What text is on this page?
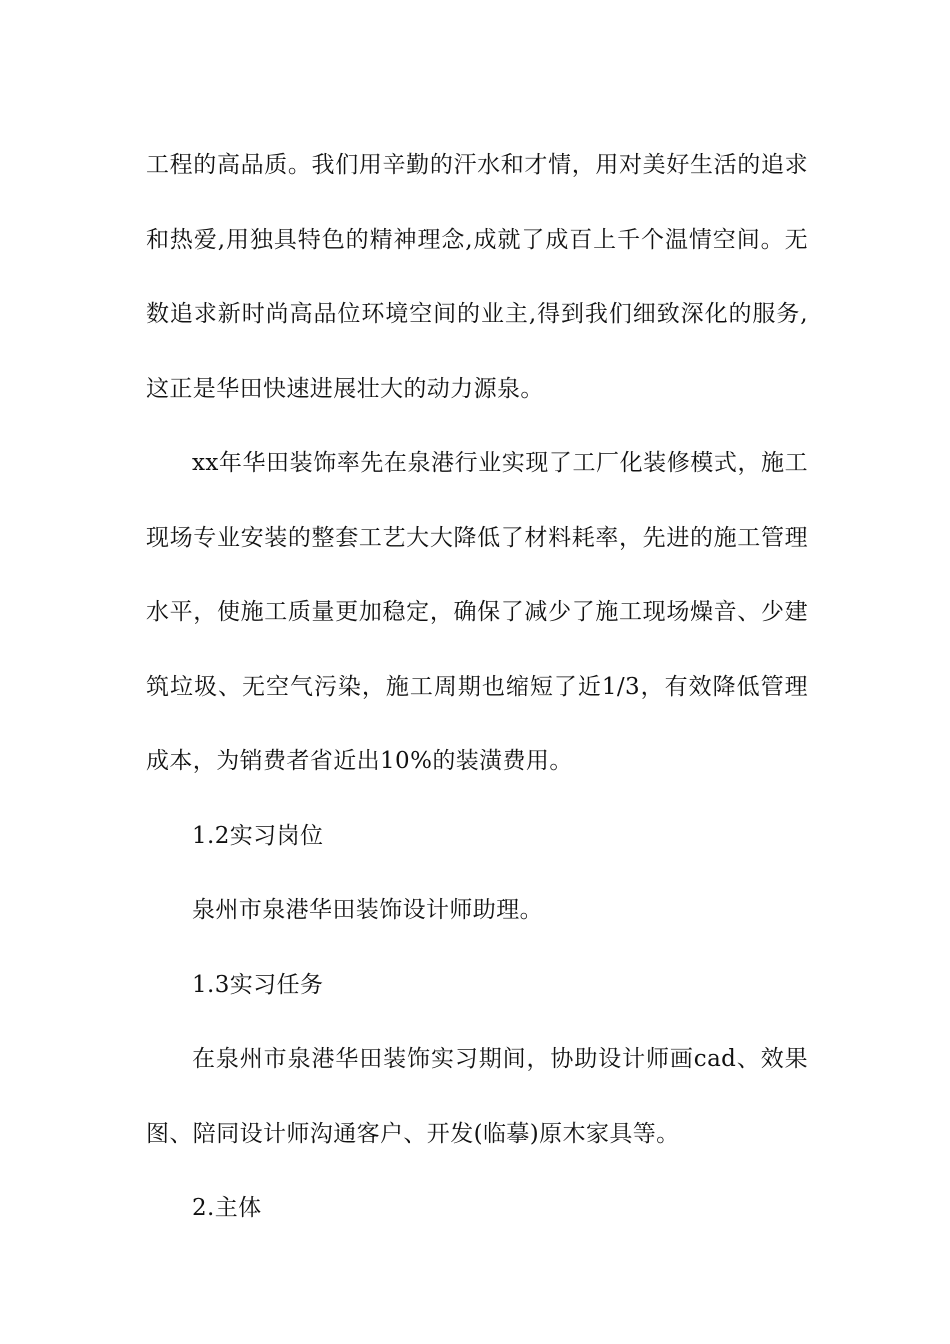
工程的高品质。我们用辛勤的汗水和才情，用对美好生活的追求和热爱,用独具特色的精神理念,成就了成百上千个温情空间。无数追求新时尚高品位环境空间的业主,得到我们细致深化的服务,这正是华田快速进展壮大的动力源泉。

xx年华田装饰率先在泉港行业实现了工厂化装修模式，施工现场专业安装的整套工艺大大降低了材料耗率，先进的施工管理水平，使施工质量更加稳定，确保了减少了施工现场燥音、少建筑垃圾、无空气污染，施工周期也缩短了近1/3，有效降低管理成本，为销费者省近出10%的装潢费用。

1.2实习岗位

泉州市泉港华田装饰设计师助理。

1.3实习任务

在泉州市泉港华田装饰实习期间，协助设计师画cad、效果图、陪同设计师沟通客户、开发(临摹)原木家具等。

2.主体
